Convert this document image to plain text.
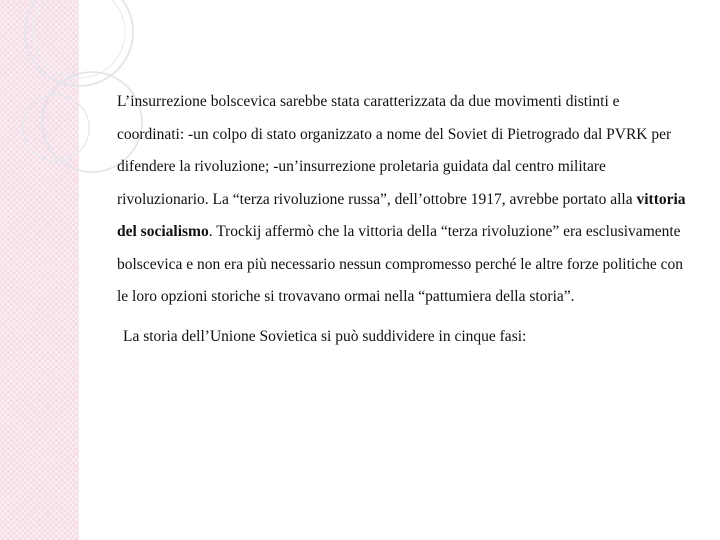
L’insurrezione bolscevica sarebbe stata caratterizzata da due movimenti distinti e coordinati: -un colpo di stato organizzato a nome del Soviet di Pietrogrado dal PVRK per difendere la rivoluzione; -un’insurrezione proletaria guidata dal centro militare rivoluzionario. La “terza rivoluzione russa”, dell’ottobre 1917, avrebbe portato alla vittoria del socialismo. Trockij affermò che la vittoria della “terza rivoluzione” era esclusivamente bolscevica e non era più necessario nessun compromesso perché le altre forze politiche con le loro opzioni storiche si trovavano ormai nella “pattumiera della storia”.

La storia dell’Unione Sovietica si può suddividere in cinque fasi:
